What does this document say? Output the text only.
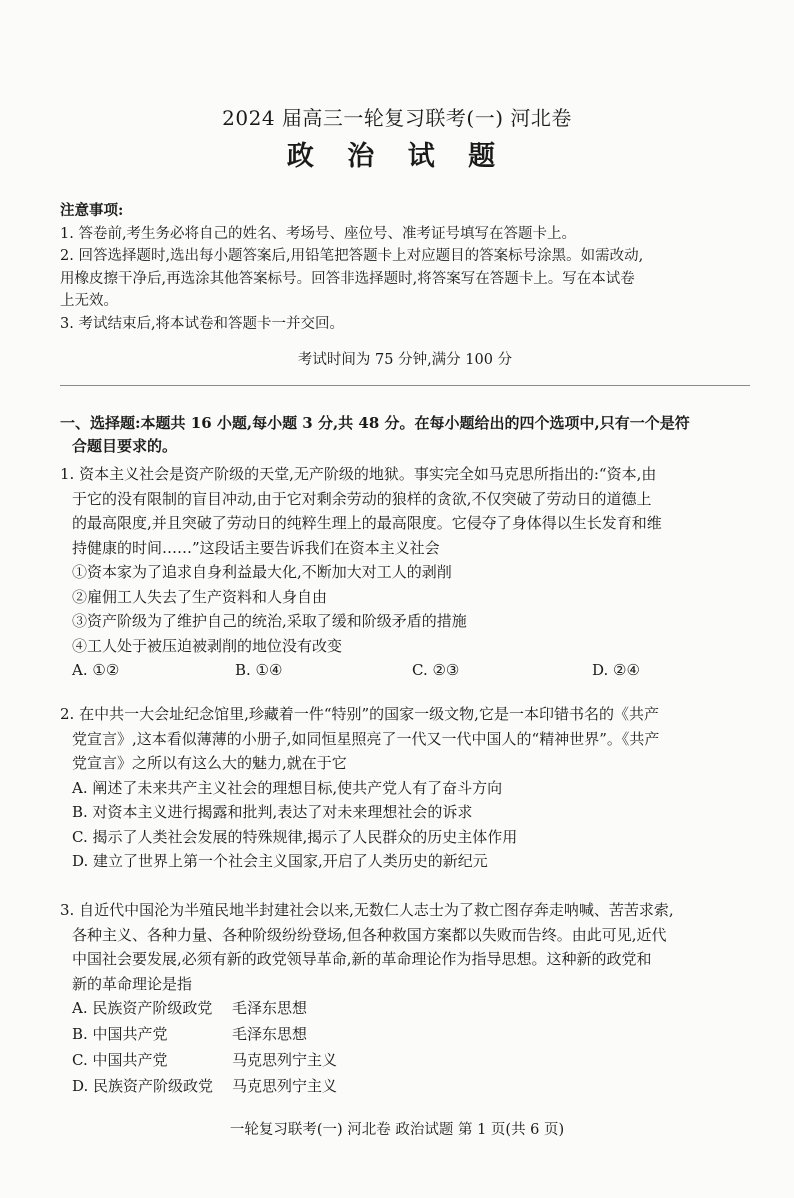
2024 届高三一轮复习联考(一) 河北卷
政 治 试 题
注意事项:
1. 答卷前,考生务必将自己的姓名、考场号、座位号、准考证号填写在答题卡上。
2. 回答选择题时,选出每小题答案后,用铅笔把答题卡上对应题目的答案标号涂黑。如需改动,
用橡皮擦干净后,再选涂其他答案标号。回答非选择题时,将答案写在答题卡上。写在本试卷
上无效。
3. 考试结束后,将本试卷和答题卡一并交回。
考试时间为 75 分钟,满分 100 分
一、选择题:本题共 16 小题,每小题 3 分,共 48 分。在每小题给出的四个选项中,只有一个是符
合题目要求的。
1. 资本主义社会是资产阶级的天堂,无产阶级的地狱。事实完全如马克思所指出的:“资本,由
于它的没有限制的盲目冲动,由于它对剩余劳动的狼样的贪欲,不仅突破了劳动日的道德上
的最高限度,并且突破了劳动日的纯粹生理上的最高限度。它侵夺了身体得以生长发育和维
持健康的时间……”这段话主要告诉我们在资本主义社会
①资本家为了追求自身利益最大化,不断加大对工人的剥削
②雇佣工人失去了生产资料和人身自由
③资产阶级为了维护自己的统治,采取了缓和阶级矛盾的措施
④工人处于被压迫被剥削的地位没有改变
A. ①②	B. ①④	C. ②③	D. ②④
2. 在中共一大会址纪念馆里,珍藏着一件“特别”的国家一级文物,它是一本印错书名的《共产
党宣言》,这本看似薄薄的小册子,如同恒星照亮了一代又一代中国人的“精神世界”。《共产
党宣言》之所以有这么大的魅力,就在于它
A. 阐述了未来共产主义社会的理想目标,使共产党人有了奋斗方向
B. 对资本主义进行揭露和批判,表达了对未来理想社会的诉求
C. 揭示了人类社会发展的特殊规律,揭示了人民群众的历史主体作用
D. 建立了世界上第一个社会主义国家,开启了人类历史的新纪元
3. 自近代中国沦为半殖民地半封建社会以来,无数仁人志士为了救亡图存奔走呐喊、苦苦求索,
各种主义、各种力量、各种阶级纷纷登场,但各种救国方案都以失败而告终。由此可见,近代
中国社会要发展,必须有新的政党领导革命,新的革命理论作为指导思想。这种新的政党和
新的革命理论是指
A. 民族资产阶级政党 毛泽东思想
B. 中国共产党	毛泽东思想
C. 中国共产党	马克思列宁主义
D. 民族资产阶级政党 马克思列宁主义
一轮复习联考(一) 河北卷 政治试题 第 1 页(共 6 页)
